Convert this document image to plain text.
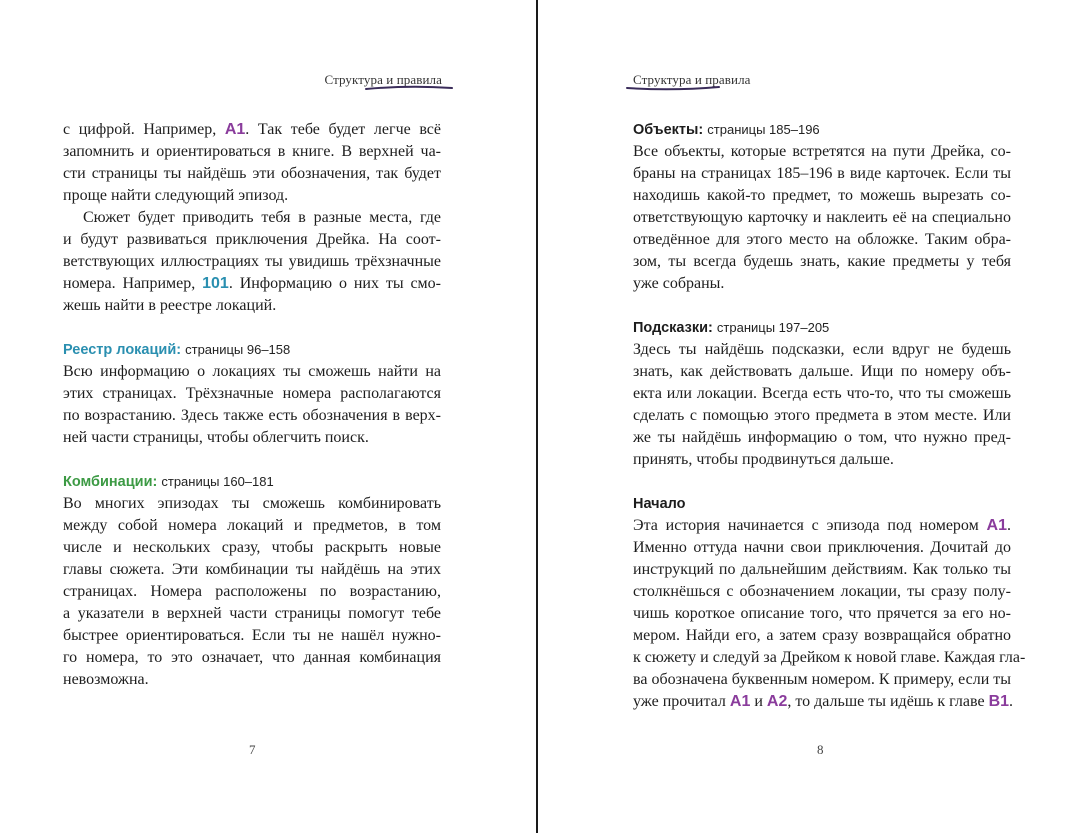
Структура и правила
с цифрой. Например, A1. Так тебе будет легче всё
запомнить и ориентироваться в книге. В верхней ча-
сти страницы ты найдёшь эти обозначения, так будет
проще найти следующий эпизод.
Сюжет будет приводить тебя в разные места, где
и будут развиваться приключения Дрейка. На соот-
ветствующих иллюстрациях ты увидишь трёхзначные
номера. Например, 101. Информацию о них ты смо-
жешь найти в реестре локаций.
Реестр локаций: страницы 96–158
Всю информацию о локациях ты сможешь найти на
этих страницах. Трёхзначные номера располагаются
по возрастанию. Здесь также есть обозначения в верх-
ней части страницы, чтобы облегчить поиск.
Комбинации: страницы 160–181
Во многих эпизодах ты сможешь комбинировать
между собой номера локаций и предметов, в том
числе и нескольких сразу, чтобы раскрыть новые
главы сюжета. Эти комбинации ты найдёшь на этих
страницах. Номера расположены по возрастанию,
а указатели в верхней части страницы помогут тебе
быстрее ориентироваться. Если ты не нашёл нужно-
го номера, то это означает, что данная комбинация
невозможна.
7
Структура и правила
Объекты: страницы 185–196
Все объекты, которые встретятся на пути Дрейка, со-
браны на страницах 185–196 в виде карточек. Если ты
находишь какой-то предмет, то можешь вырезать со-
ответствующую карточку и наклеить её на специально
отведённое для этого место на обложке. Таким обра-
зом, ты всегда будешь знать, какие предметы у тебя
уже собраны.
Подсказки: страницы 197–205
Здесь ты найдёшь подсказки, если вдруг не будешь
знать, как действовать дальше. Ищи по номеру объ-
екта или локации. Всегда есть что-то, что ты сможешь
сделать с помощью этого предмета в этом месте. Или
же ты найдёшь информацию о том, что нужно пред-
принять, чтобы продвинуться дальше.
Начало
Эта история начинается с эпизода под номером A1.
Именно оттуда начни свои приключения. Дочитай до
инструкций по дальнейшим действиям. Как только ты
столкнёшься с обозначением локации, ты сразу полу-
чишь короткое описание того, что прячется за его но-
мером. Найди его, а затем сразу возвращайся обратно
к сюжету и следуй за Дрейком к новой главе. Каждая гла-
ва обозначена буквенным номером. К примеру, если ты
уже прочитал A1 и A2, то дальше ты идёшь к главе B1.
8
